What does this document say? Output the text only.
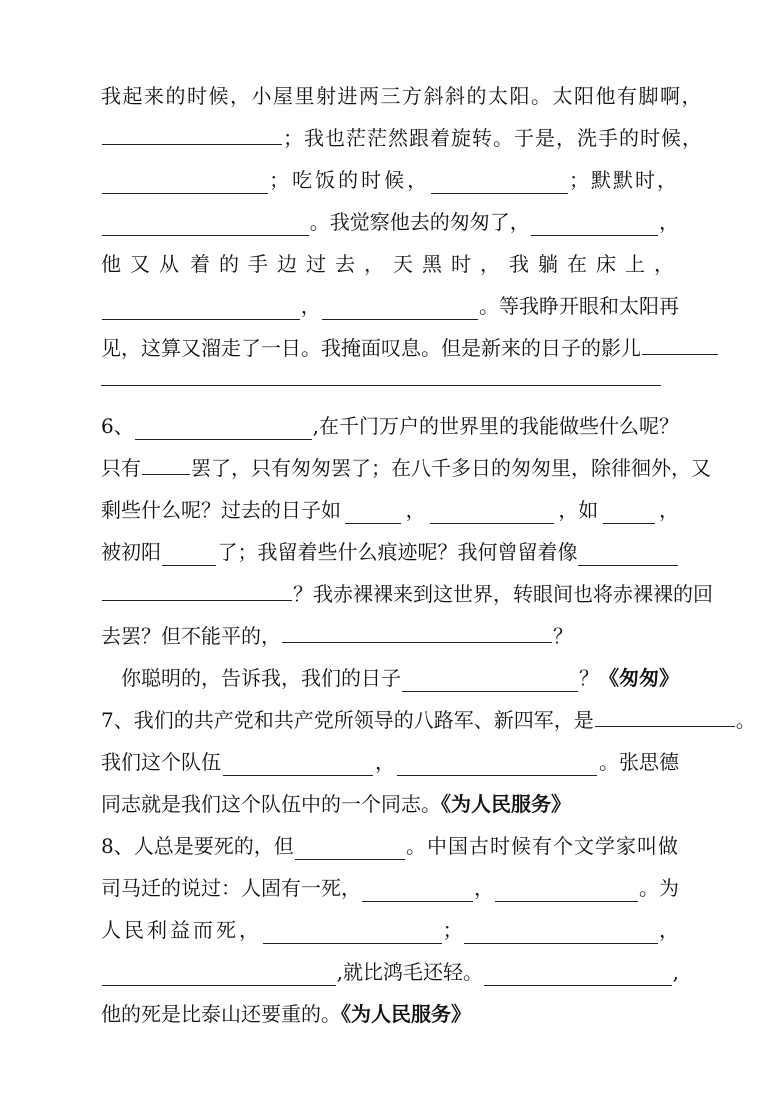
我起来的时候，小屋里射进两三方斜斜的太阳。太阳他有脚啊，
；我也茫茫然跟着旋转。于是，洗手的时候，
；吃饭的时候，	；默默时，
。我觉察他去的匆匆了，	，
他又从 着的手边过去，天黑时，我躺在床上，
，	。等我睁开眼和太阳再
见，这算又溜走了一日。我掩面叹息。但是新来的日子的影儿
6、	,在千门万户的世界里的我能做些什么呢？
只有	罢了，只有匆匆罢了；在八千多日的匆匆里，除徘徊外，又
剩些什么呢？过去的日子如	，	，如	，
被初阳	了；我留着些什么痕迹呢？我何曾留着像
？我赤裸裸来到这世界，转眼间也将赤裸裸的回
去罢？但不能平的，	？
你聪明的，告诉我，我们的日子	？ 《匆匆》
7、我们的共产党和共产党所领导的八路军、新四军，是	。
我们这个队伍	，	。张思德
同志就是我们这个队伍中的一个同志。《为人民服务》
8、人总是要死的，但	。中国古时候有个文学家叫做
司马迁的说过：人固有一死，	，	。为
人民利益而死，	；	，
,就比鸿毛还轻。	,
他的死是比泰山还要重的。《为人民服务》
